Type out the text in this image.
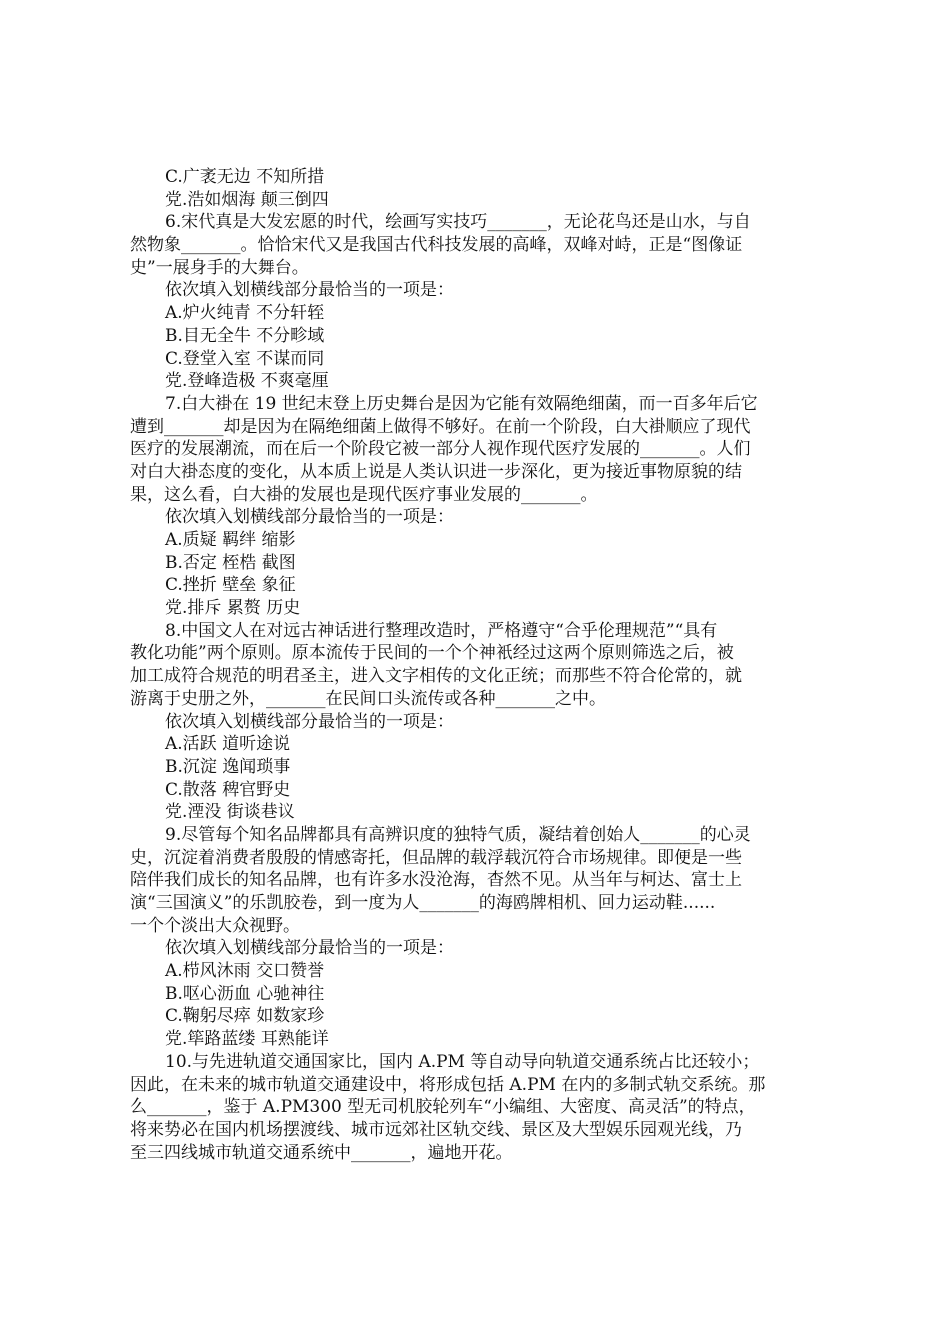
C.广袤无边 不知所措
党.浩如烟海 颠三倒四
6.宋代真是大发宏愿的时代，绘画写实技巧_______，无论花鸟还是山水，与自
然物象_______。恰恰宋代又是我国古代科技发展的高峰，双峰对峙，正是“图像证
史”一展身手的大舞台。
依次填入划横线部分最恰当的一项是：
A.炉火纯青 不分轩轾
B.目无全牛 不分畛域
C.登堂入室 不谋而同
党.登峰造极 不爽毫厘
7.白大褂在 19 世纪末登上历史舞台是因为它能有效隔绝细菌，而一百多年后它
遭到_______却是因为在隔绝细菌上做得不够好。在前一个阶段，白大褂顺应了现代
医疗的发展潮流，而在后一个阶段它被一部分人视作现代医疗发展的_______。人们
对白大褂态度的变化，从本质上说是人类认识进一步深化，更为接近事物原貌的结
果，这么看，白大褂的发展也是现代医疗事业发展的_______。
依次填入划横线部分最恰当的一项是：
A.质疑 羁绊 缩影
B.否定 桎梏 截图
C.挫折 壁垒 象征
党.排斥 累赘 历史
8.中国文人在对远古神话进行整理改造时，严格遵守“合乎伦理规范”“具有
教化功能”两个原则。原本流传于民间的一个个神衹经过这两个原则筛选之后，被
加工成符合规范的明君圣主，进入文字相传的文化正统；而那些不符合伦常的，就
游离于史册之外，_______在民间口头流传或各种_______之中。
依次填入划横线部分最恰当的一项是：
A.活跃 道听途说
B.沉淀 逸闻琐事
C.散落 稗官野史
党.湮没 街谈巷议
9.尽管每个知名品牌都具有高辨识度的独特气质，凝结着创始人_______的心灵
史，沉淀着消费者殷殷的情感寄托，但品牌的载浮载沉符合市场规律。即便是一些
陪伴我们成长的知名品牌，也有许多水没沧海，杳然不见。从当年与柯达、富士上
演“三国演义”的乐凯胶卷，到一度为人_______的海鸥牌相机、回力运动鞋......
一个个淡出大众视野。
依次填入划横线部分最恰当的一项是：
A.栉风沐雨 交口赞誉
B.呕心沥血 心驰神往
C.鞠躬尽瘁 如数家珍
党.筚路蓝缕 耳熟能详
10.与先进轨道交通国家比，国内 A.PM 等自动导向轨道交通系统占比还较小；
因此，在未来的城市轨道交通建设中，将形成包括 A.PM 在内的多制式轨交系统。那
么_______，鉴于 A.PM300 型无司机胶轮列车“小编组、大密度、高灵活”的特点，
将来势必在国内机场摆渡线、城市远郊社区轨交线、景区及大型娱乐园观光线，乃
至三四线城市轨道交通系统中_______，遍地开花。
